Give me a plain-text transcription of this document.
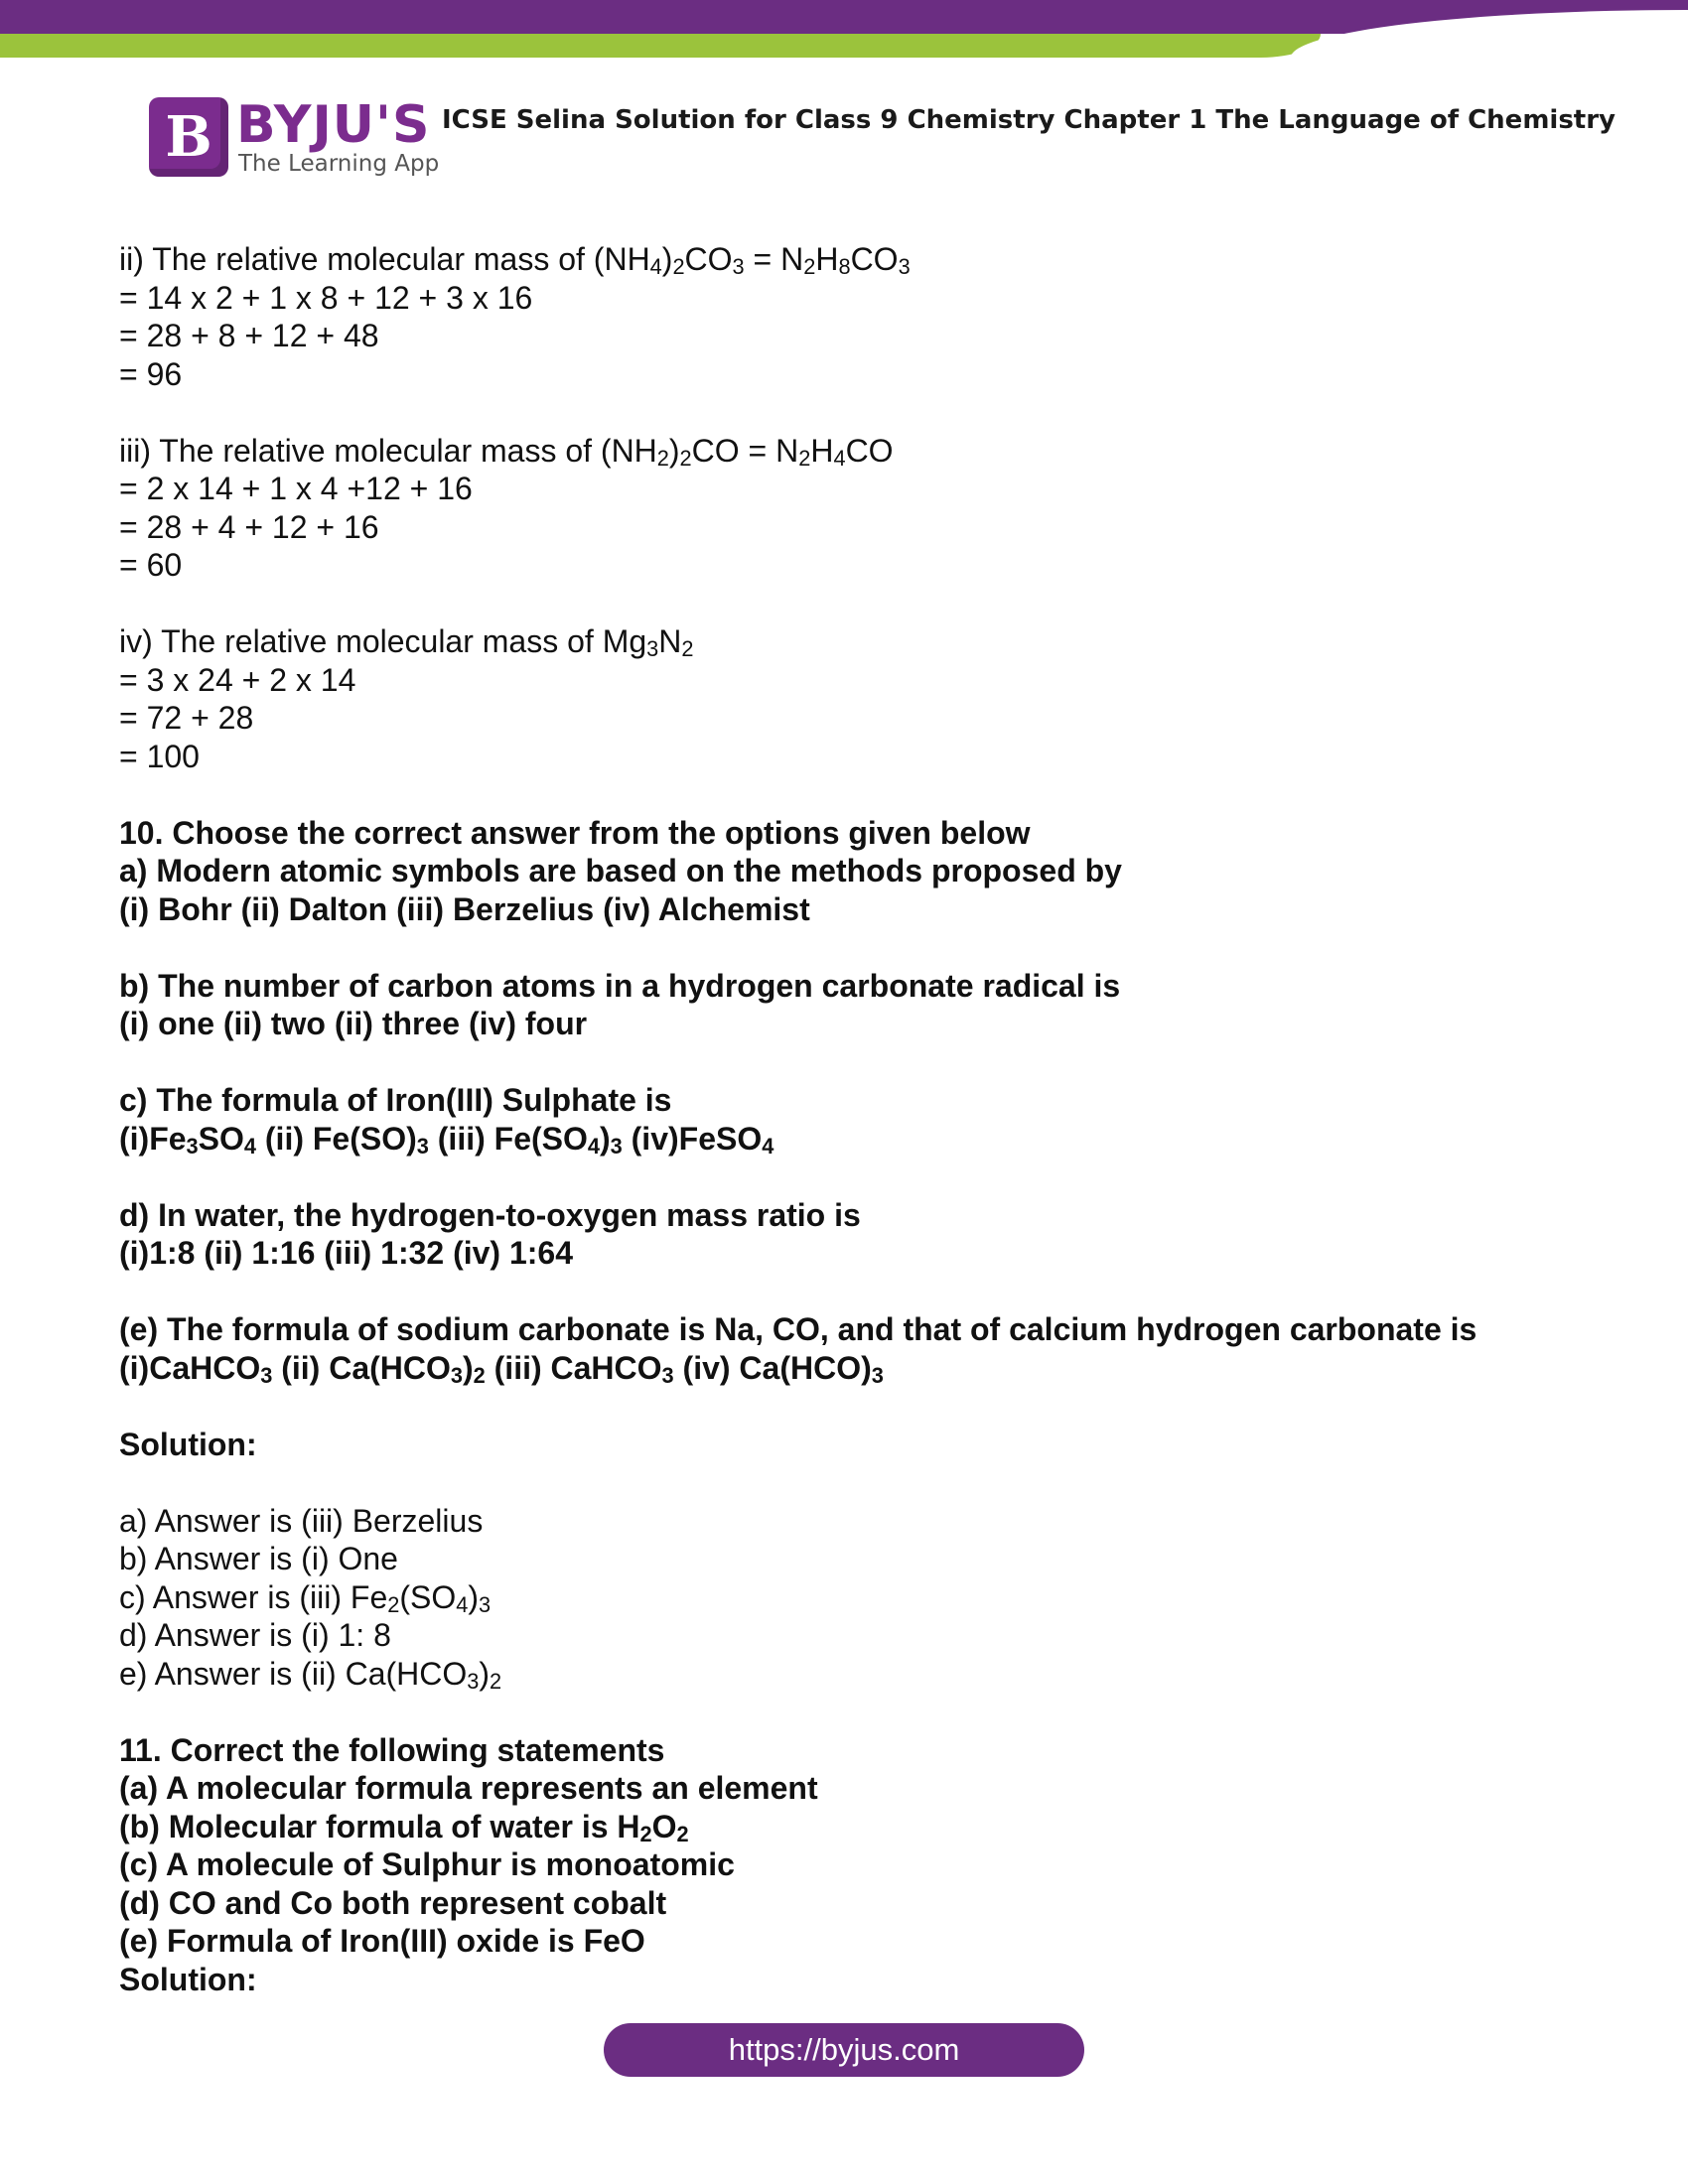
B BYJU'S
The Learning App
ICSE Selina Solution for Class 9 Chemistry Chapter 1 The Language of Chemistry
ii) The relative molecular mass of $(NH_4)_2CO_3 = N_2H_8CO_3$
= 14 x 2 + 1 x 8 + 12 + 3 x 16
= 28 + 8 + 12 + 48
= 96
iii) The relative molecular mass of $(NH_2)_2CO = N_2H_4CO$
= 2 x 14 + 1 x 4 +12 + 16
= 28 + 4 + 12 + 16
= 60
iv) The relative molecular mass of $Mg_3N_2$
= 3 x 24 + 2 x 14
= 72 + 28
= 100
10. Choose the correct answer from the options given below
a) Modern atomic symbols are based on the methods proposed by
(i) Bohr (ii) Dalton (iii) Berzelius (iv) Alchemist
b) The number of carbon atoms in a hydrogen carbonate radical is
(i) one (ii) two (ii) three (iv) four
c) The formula of Iron(III) Sulphate is
$(i)Fe_3SO_4$ (ii) $Fe(SO)_3$ (iii) $Fe(SO_4)_3$ (iv)FeSO$_4$
d) In water, the hydrogen-to-oxygen mass ratio is
(i)1:8 (ii) 1:16 (iii) 1:32 (iv) 1:64
(e) The formula of sodium carbonate is Na, CO, and that of calcium hydrogen carbonate is
(i)CaHCO$_3$ (ii) $Ca(HCO_3)_2$ (iii) CaHCO$_3$ (iv) $Ca(HCO)_3$
Solution:
a) Answer is (iii) Berzelius
b) Answer is (i) One
c) Answer is (iii) $Fe_2(SO_4)_3$
d) Answer is (i) 1: 8
e) Answer is (ii) $Ca(HCO_3)_2$
11. Correct the following statements
(a) A molecular formula represents an element
(b) Molecular formula of water is $H_2O_2$
(c) A molecule of Sulphur is monoatomic
(d) CO and Co both represent cobalt
(e) Formula of Iron(III) oxide is FeO
Solution:
https://byjus.com
